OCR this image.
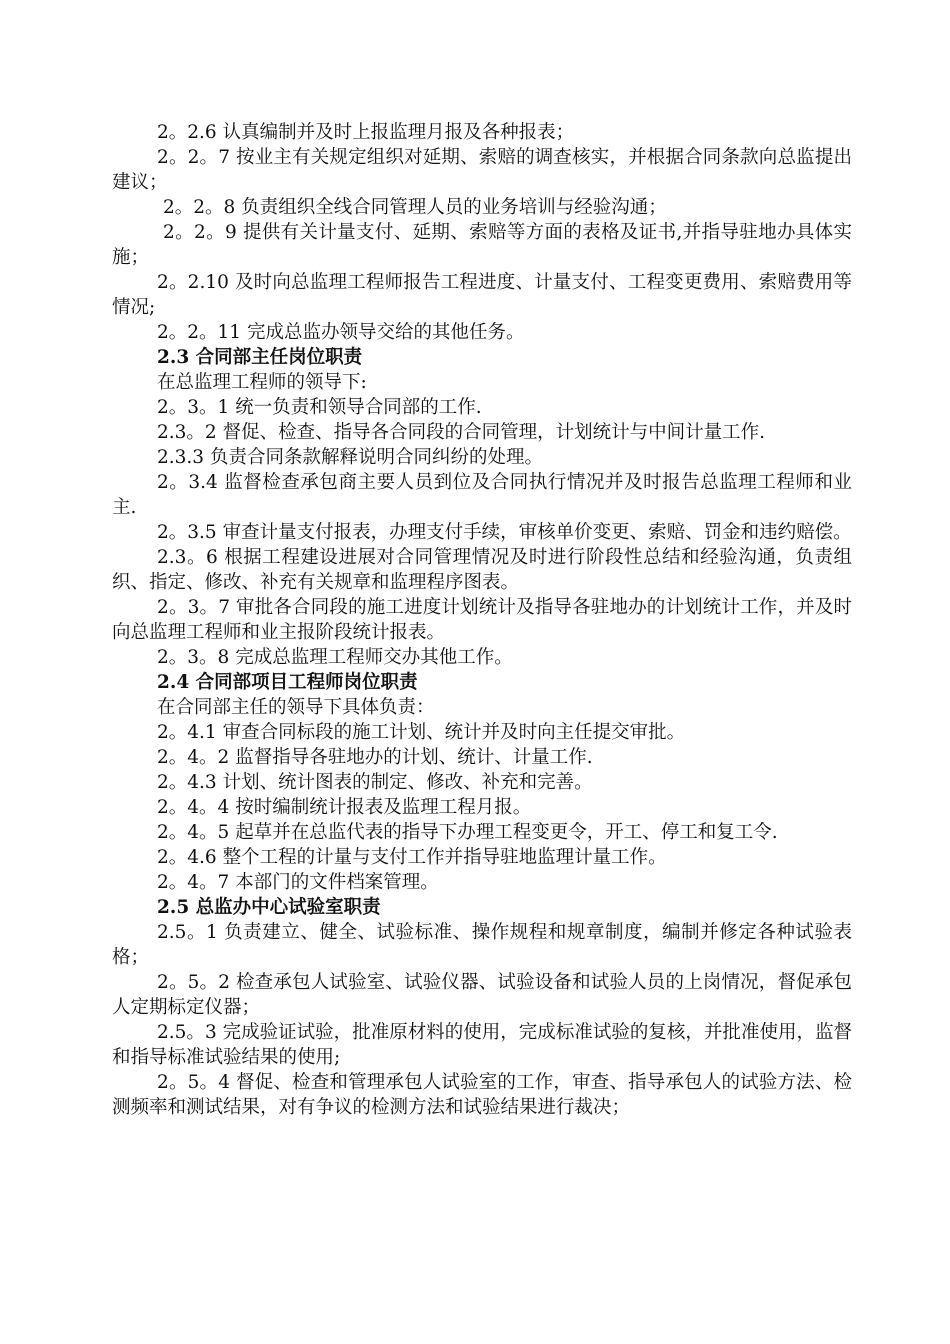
2。2.6 认真编制并及时上报监理月报及各种报表；

2。2。7 按业主有关规定组织对延期、索赔的调查核实，并根据合同条款向总监提出建议；

2。2。8 负责组织全线合同管理人员的业务培训与经验沟通；

2。2。9 提供有关计量支付、延期、索赔等方面的表格及证书,并指导驻地办具体实施；

2。2.10 及时向总监理工程师报告工程进度、计量支付、工程变更费用、索赔费用等情况;

2。2。11 完成总监办领导交给的其他任务。

2.3 合同部主任岗位职责

在总监理工程师的领导下:

2。3。1 统一负责和领导合同部的工作.

2.3。2 督促、检查、指导各合同段的合同管理，计划统计与中间计量工作.

2.3.3 负责合同条款解释说明合同纠纷的处理。

2。3.4 监督检查承包商主要人员到位及合同执行情况并及时报告总监理工程师和业主.

2。3.5 审查计量支付报表，办理支付手续，审核单价变更、索赔、罚金和违约赔偿。

2.3。6 根据工程建设进展对合同管理情况及时进行阶段性总结和经验沟通，负责组织、指定、修改、补充有关规章和监理程序图表。

2。3。7 审批各合同段的施工进度计划统计及指导各驻地办的计划统计工作，并及时向总监理工程师和业主报阶段统计报表。

2。3。8 完成总监理工程师交办其他工作。

2.4 合同部项目工程师岗位职责

在合同部主任的领导下具体负责：

2。4.1 审查合同标段的施工计划、统计并及时向主任提交审批。

2。4。2 监督指导各驻地办的计划、统计、计量工作.

2。4.3 计划、统计图表的制定、修改、补充和完善。

2。4。4 按时编制统计报表及监理工程月报。

2。4。5 起草并在总监代表的指导下办理工程变更令，开工、停工和复工令.

2。4.6 整个工程的计量与支付工作并指导驻地监理计量工作。

2。4。7 本部门的文件档案管理。

2.5 总监办中心试验室职责

2.5。1 负责建立、健全、试验标准、操作规程和规章制度，编制并修定各种试验表格；

2。5。2 检查承包人试验室、试验仪器、试验设备和试验人员的上岗情况，督促承包人定期标定仪器；

2.5。3 完成验证试验，批准原材料的使用，完成标准试验的复核，并批准使用，监督和指导标准试验结果的使用;

2。5。4 督促、检查和管理承包人试验室的工作，审查、指导承包人的试验方法、检测频率和测试结果，对有争议的检测方法和试验结果进行裁决；
